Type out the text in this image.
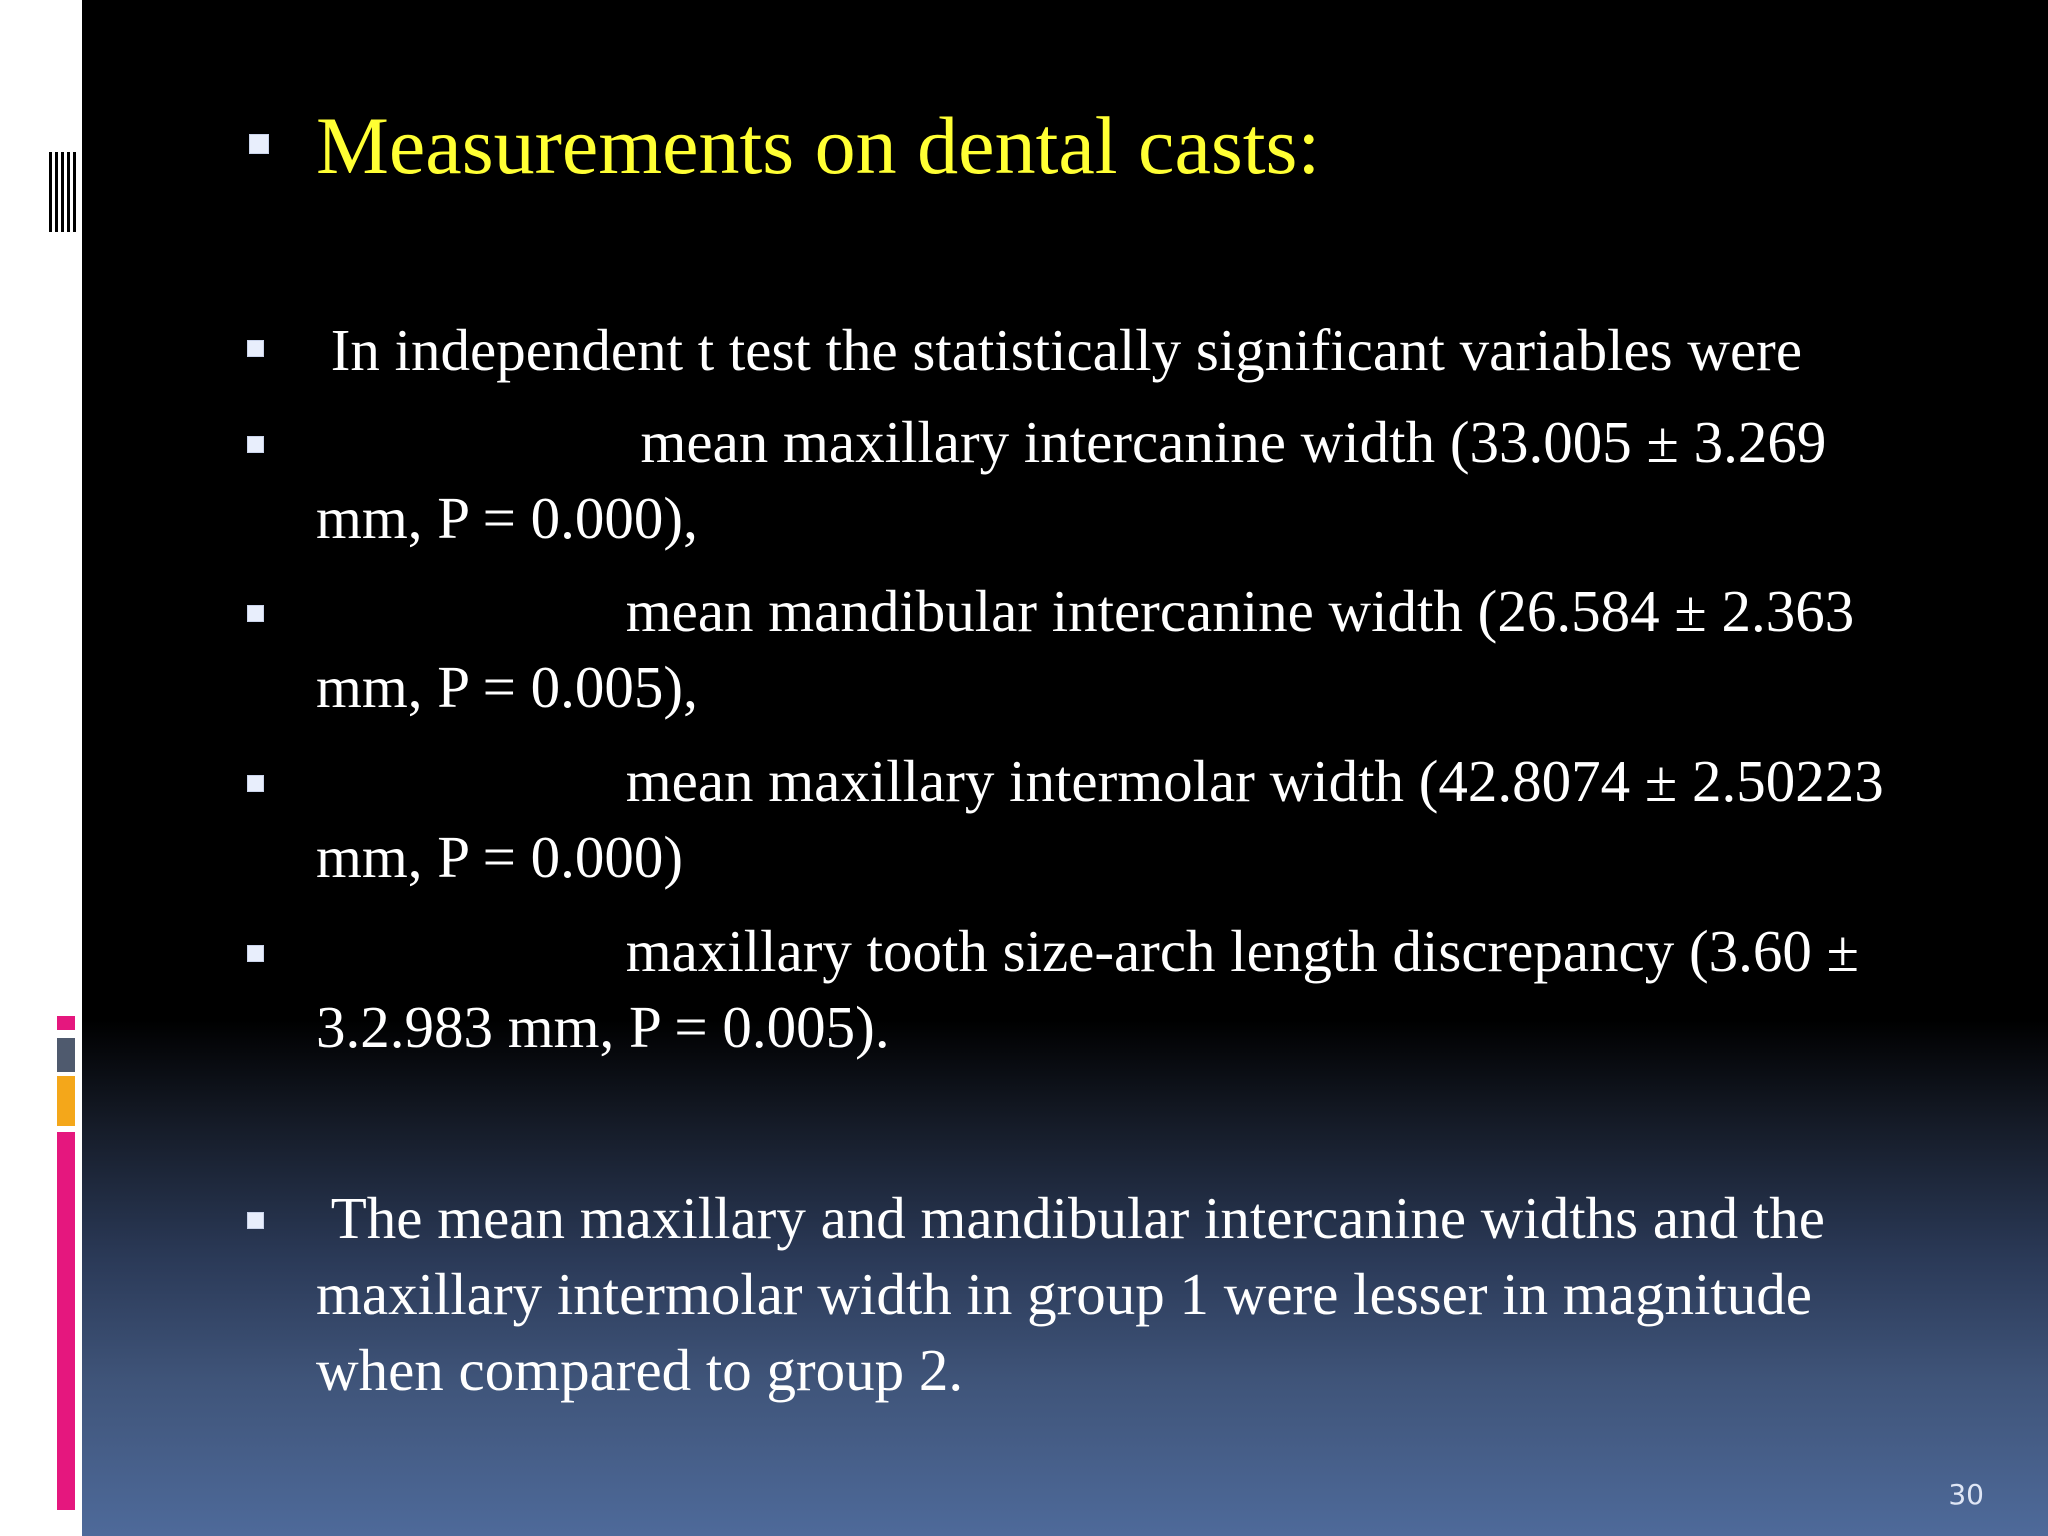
Measurements on dental casts:

In independent t test the statistically significant variables were

mean maxillary intercanine width (33.005 ± 3.269 mm, P = 0.000),

mean mandibular intercanine width (26.584 ± 2.363 mm, P = 0.005),

mean maxillary intermolar width (42.8074 ± 2.50223 mm, P = 0.000)

maxillary tooth size-arch length discrepancy (3.60 ± 3.2.983 mm, P = 0.005).

The mean maxillary and mandibular intercanine widths and the maxillary intermolar width in group 1 were lesser in magnitude when compared to group 2.

30
